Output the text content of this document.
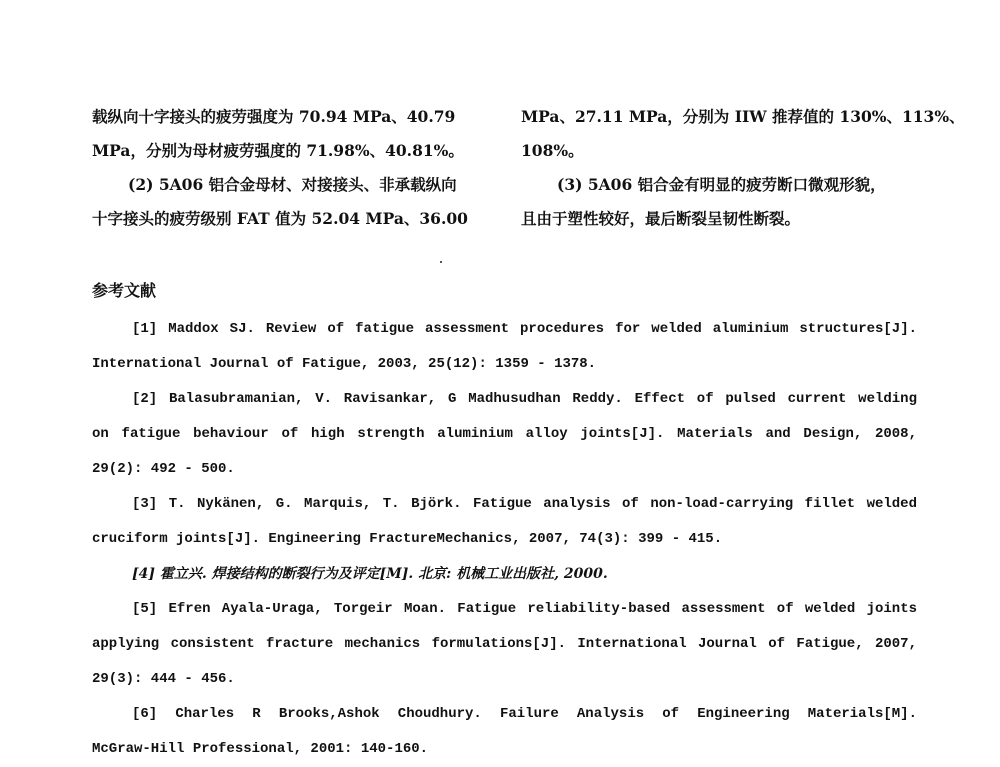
载纵向十字接头的疲劳强度为 70.94 MPa、40.79

MPa，分别为母材疲劳强度的 71.98%、40.81%。

(2) 5A06 铝合金母材、对接接头、非承载纵向

十字接头的疲劳级别 FAT 值为 52.04 MPa、36.00

MPa、27.11 MPa，分别为 IIW 推荐值的 130%、113%、

108%。

(3) 5A06 铝合金有明显的疲劳断口微观形貌，

且由于塑性较好，最后断裂呈韧性断裂。

参考文献

[1] Maddox SJ. Review of fatigue assessment procedures for welded aluminium structures[J].

International Journal of Fatigue, 2003, 25(12): 1359 - 1378.

[2] Balasubramanian, V. Ravisankar, G Madhusudhan Reddy. Effect of pulsed current welding

on fatigue behaviour of high strength aluminium alloy joints[J]. Materials and Design, 2008,

29(2): 492 - 500.

[3] T. Nykänen, G. Marquis, T. Björk. Fatigue analysis of non-load-carrying fillet welded

cruciform joints[J]. Engineering FractureMechanics, 2007, 74(3): 399 - 415.

[4] 霍立兴. 焊接结构的断裂行为及评定[M]. 北京: 机械工业出版社, 2000.

[5] Efren Ayala-Uraga, Torgeir Moan. Fatigue reliability-based assessment of welded joints

applying consistent fracture mechanics formulations[J]. International Journal of Fatigue, 2007,

29(3): 444 - 456.

[6] Charles R Brooks,Ashok Choudhury. Failure Analysis of Engineering Materials[M].

McGraw-Hill Professional, 2001: 140-160.
